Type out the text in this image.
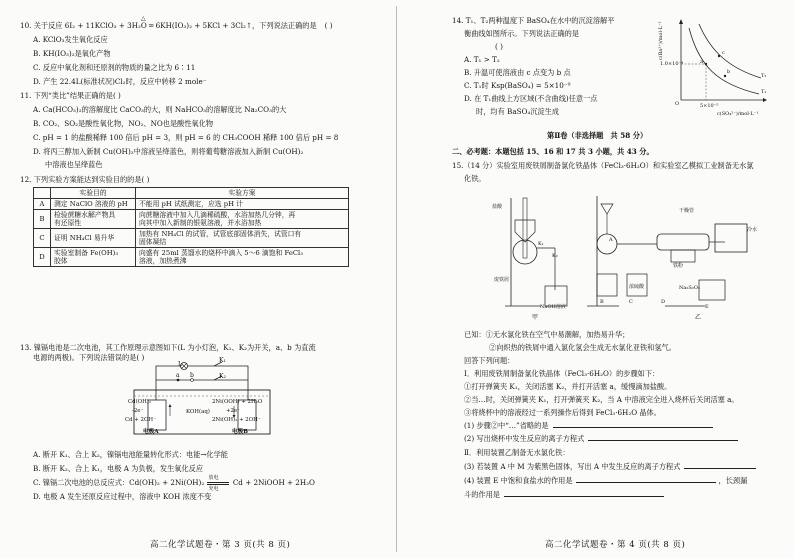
10. 关于反应 6I₂ + 11KClO₃ + 3H₂O ═ 6KH(IO₃)₂ + 5KCl + 3Cl₂↑，下列说法正确的是 ( )
△
A. KClO₃发生氧化反应
B. KH(IO₃)₂是氧化产物
C. 反应中氧化剂和还原剂的物质的量之比为 6∶11
D. 产生 22.4L(标准状况)Cl₂时，反应中转移 2 mole⁻
11. 下列“类比”结果正确的是( )
A. Ca(HCO₃)₂的溶解度比 CaCO₃的大，则 NaHCO₃的溶解度比 Na₂CO₃的大
B. CO₂、SO₂是酸性氧化物，NO₂、NO也是酸性氧化物
C. pH = 1 的盐酸稀释 100 倍后 pH = 3，则 pH = 6 的 CH₃COOH 稀释 100 倍后 pH = 8
D. 将丙三醇加入新制 Cu(OH)₂中溶液呈绛蓝色，则将葡萄糖溶液加入新制 Cu(OH)₂
中溶液也呈绛蓝色
12. 下列实验方案能达到实验目的的是( )
	实验目的	实验方案
A	测定 NaClO 溶液的 pH	不能用 pH 试纸测定，应选 pH 计
B	检验蔗糖水解产物具
有还原性	向蔗糖溶液中加入几滴稀硫酸，水浴加热几分钟，再
向其中加入新制的银氨溶液，并水浴加热
C	证明 NH₄Cl 易升华	加热有 NH₄Cl 的试管，试管底部固体消失，试管口有
固体凝结
D	实验室制备 Fe(OH)₃
胶体	向盛有 25ml 蒸馏水的烧杯中滴入 5～6 滴饱和 FeCl₃
溶液，加热煮沸
13. 镍镉电池是二次电池，其工作原理示意图如下(L 为小灯泡，K₁、K₂为开关，a、b 为直流
电源的两极)。下列说法错误的是( )
L
K₁
K₂
a b
Cd(OH)₂
-2e⁻
Cd + 2OH⁻
KOH(aq)
2Ni(OOH) + 2H₂O
+2e⁻
2Ni(OH)₂ + 2OH⁻
电极A	电极B
A. 断开 K₁、合上 K₂，镍镉电池能量转化形式：电能→化学能
B. 断开 K₂、合上 K₁，电极 A 为负极，发生氧化反应
C. 镍镉二次电池的总反应式：Cd(OH)₂ + 2Ni(OH)₂
放电
充电
Cd + 2NiOOH + 2H₂O
D. 电极 A 发生还原反应过程中，溶液中 KOH 浓度不变
高二化学试题卷・第 3 页(共 8 页)
14. T₁、T₂两种温度下 BaSO₄在水中的沉淀溶解平
衡曲线如图所示。下列说法正确的是
( )
A. T₁ > T₂
B. 升温可使溶液由 c 点变为 b 点
C. T₁时 Ksp(BaSO₄) = 5×10⁻⁹
D. 在 T₁曲线上方区域(不含曲线)任意一点
时，均有 BaSO₄沉淀生成
c(Ba²⁺)/mol·L⁻¹
1.0×10⁻⁴
5×10⁻⁵
c(SO₄²⁻)/mol·L⁻¹
O
a
b
c
T₁
T₂
第Ⅱ卷（非选择题　共 58 分）
二、必考题：本题包括 15、16 和 17 共 3 小题，共 43 分。
15.（14 分）实验室用废铁屑制备氯化铁晶体（FeCl₃·6H₂O）和实验室乙模拟工业制备无水氯
化铁。
盐酸
K₁
K₂
废铁屑
NaOH溶液
A
干燥管
铁粉
浓硫酸
B	C	D
E
冷水
Na₂S₂O₃
甲	乙
已知：①无水氯化铁在空气中易潮解，加热易升华；
②向炽热的铁屑中通入氯化氢会生成无水氯化亚铁和氢气。
回答下列问题：
Ⅰ．利用废铁屑制备氯化铁晶体（FeCl₃·6H₂O）的步骤如下：
①打开弹簧夹 K₁，关闭活塞 K₂，并打开活塞 a，缓慢滴加盐酸。
②当…时，关闭弹簧夹 K₁，打开弹簧夹 K₂，当 A 中溶液完全进入烧杯后关闭活塞 a。
③将烧杯中的溶液经过一系列操作后得到 FeCl₃·6H₂O 晶体。
(1) 步骤②中“…”省略的是
(2) 写出烧杯中发生反应的离子方程式
Ⅱ．利用装置乙制备无水氯化铁：
(3) 若装置 A 中 M 为紫黑色固体，写出 A 中发生反应的离子方程式
(4) 装置 E 中饱和食盐水的作用是	，长颈漏
斗的作用是
高二化学试题卷・第 4 页(共 8 页)
